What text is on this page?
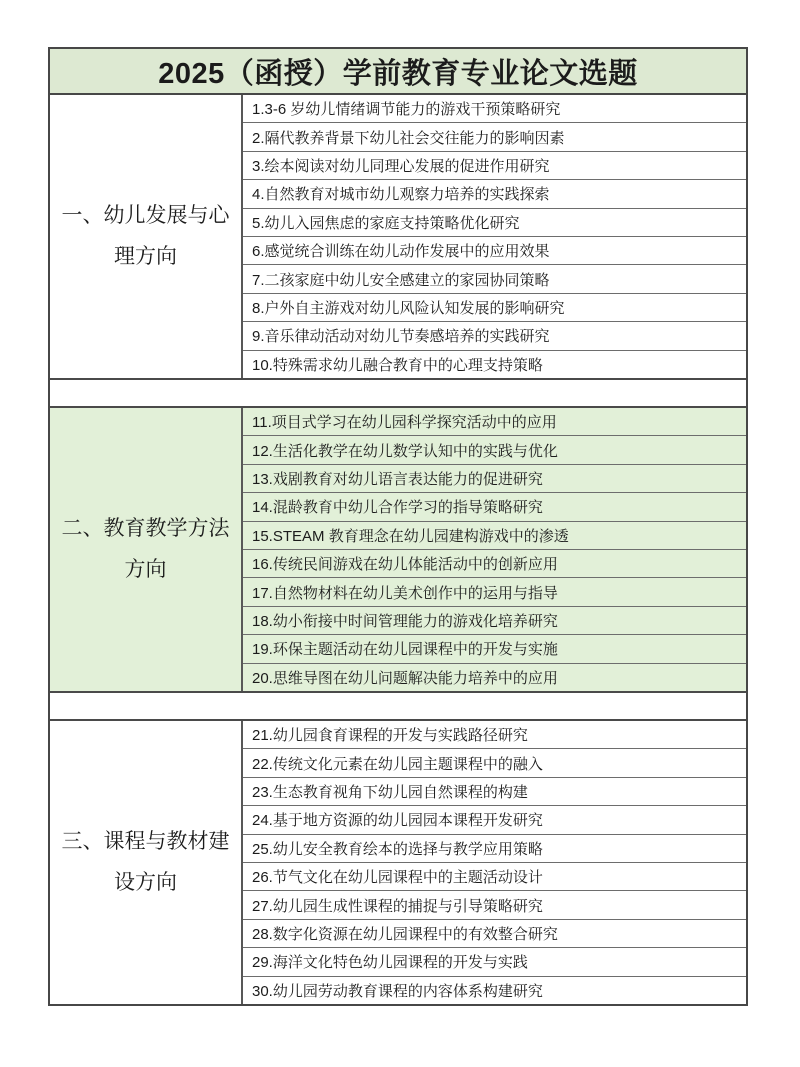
2025（函授）学前教育专业论文选题
一、幼儿发展与心理方向
1.3-6 岁幼儿情绪调节能力的游戏干预策略研究
2.隔代教养背景下幼儿社会交往能力的影响因素
3.绘本阅读对幼儿同理心发展的促进作用研究
4.自然教育对城市幼儿观察力培养的实践探索
5.幼儿入园焦虑的家庭支持策略优化研究
6.感觉统合训练在幼儿动作发展中的应用效果
7.二孩家庭中幼儿安全感建立的家园协同策略
8.户外自主游戏对幼儿风险认知发展的影响研究
9.音乐律动活动对幼儿节奏感培养的实践研究
10.特殊需求幼儿融合教育中的心理支持策略
二、教育教学方法方向
11.项目式学习在幼儿园科学探究活动中的应用
12.生活化教学在幼儿数学认知中的实践与优化
13.戏剧教育对幼儿语言表达能力的促进研究
14.混龄教育中幼儿合作学习的指导策略研究
15.STEAM 教育理念在幼儿园建构游戏中的渗透
16.传统民间游戏在幼儿体能活动中的创新应用
17.自然物材料在幼儿美术创作中的运用与指导
18.幼小衔接中时间管理能力的游戏化培养研究
19.环保主题活动在幼儿园课程中的开发与实施
20.思维导图在幼儿问题解决能力培养中的应用
三、课程与教材建设方向
21.幼儿园食育课程的开发与实践路径研究
22.传统文化元素在幼儿园主题课程中的融入
23.生态教育视角下幼儿园自然课程的构建
24.基于地方资源的幼儿园园本课程开发研究
25.幼儿安全教育绘本的选择与教学应用策略
26.节气文化在幼儿园课程中的主题活动设计
27.幼儿园生成性课程的捕捉与引导策略研究
28.数字化资源在幼儿园课程中的有效整合研究
29.海洋文化特色幼儿园课程的开发与实践
30.幼儿园劳动教育课程的内容体系构建研究
